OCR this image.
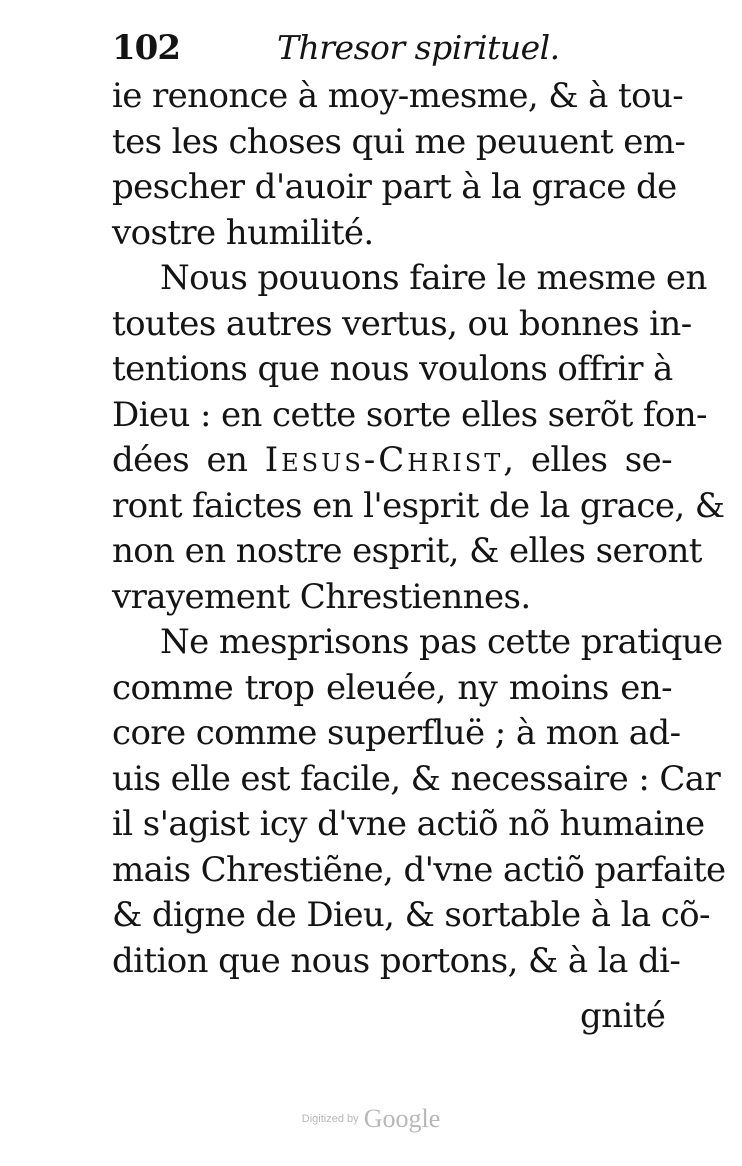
102	Thresor spirituel.
ie renonce à moy-mesme, & à tou-
tes les choses qui me peuuent em-
pescher d'auoir part à la grace de
vostre humilité.
Nous pouuons faire le mesme en
toutes autres vertus, ou bonnes in-
tentions que nous voulons offrir à
Dieu : en cette sorte elles serõt fon-
dées en Iesus-Christ, elles se-
ront faictes en l'esprit de la grace, &
non en nostre esprit, & elles seront
vrayement Chrestiennes.
Ne mesprisons pas cette pratique
comme trop eleuée, ny moins en-
core comme superfluë ; à mon ad-
uis elle est facile, & necessaire : Car
il s'agist icy d'vne actiõ nõ humaine
mais Chrestiẽne, d'vne actiõ parfaite
& digne de Dieu, & sortable à la cõ-
dition que nous portons, & à la di-
gnité
Digitized by Google
